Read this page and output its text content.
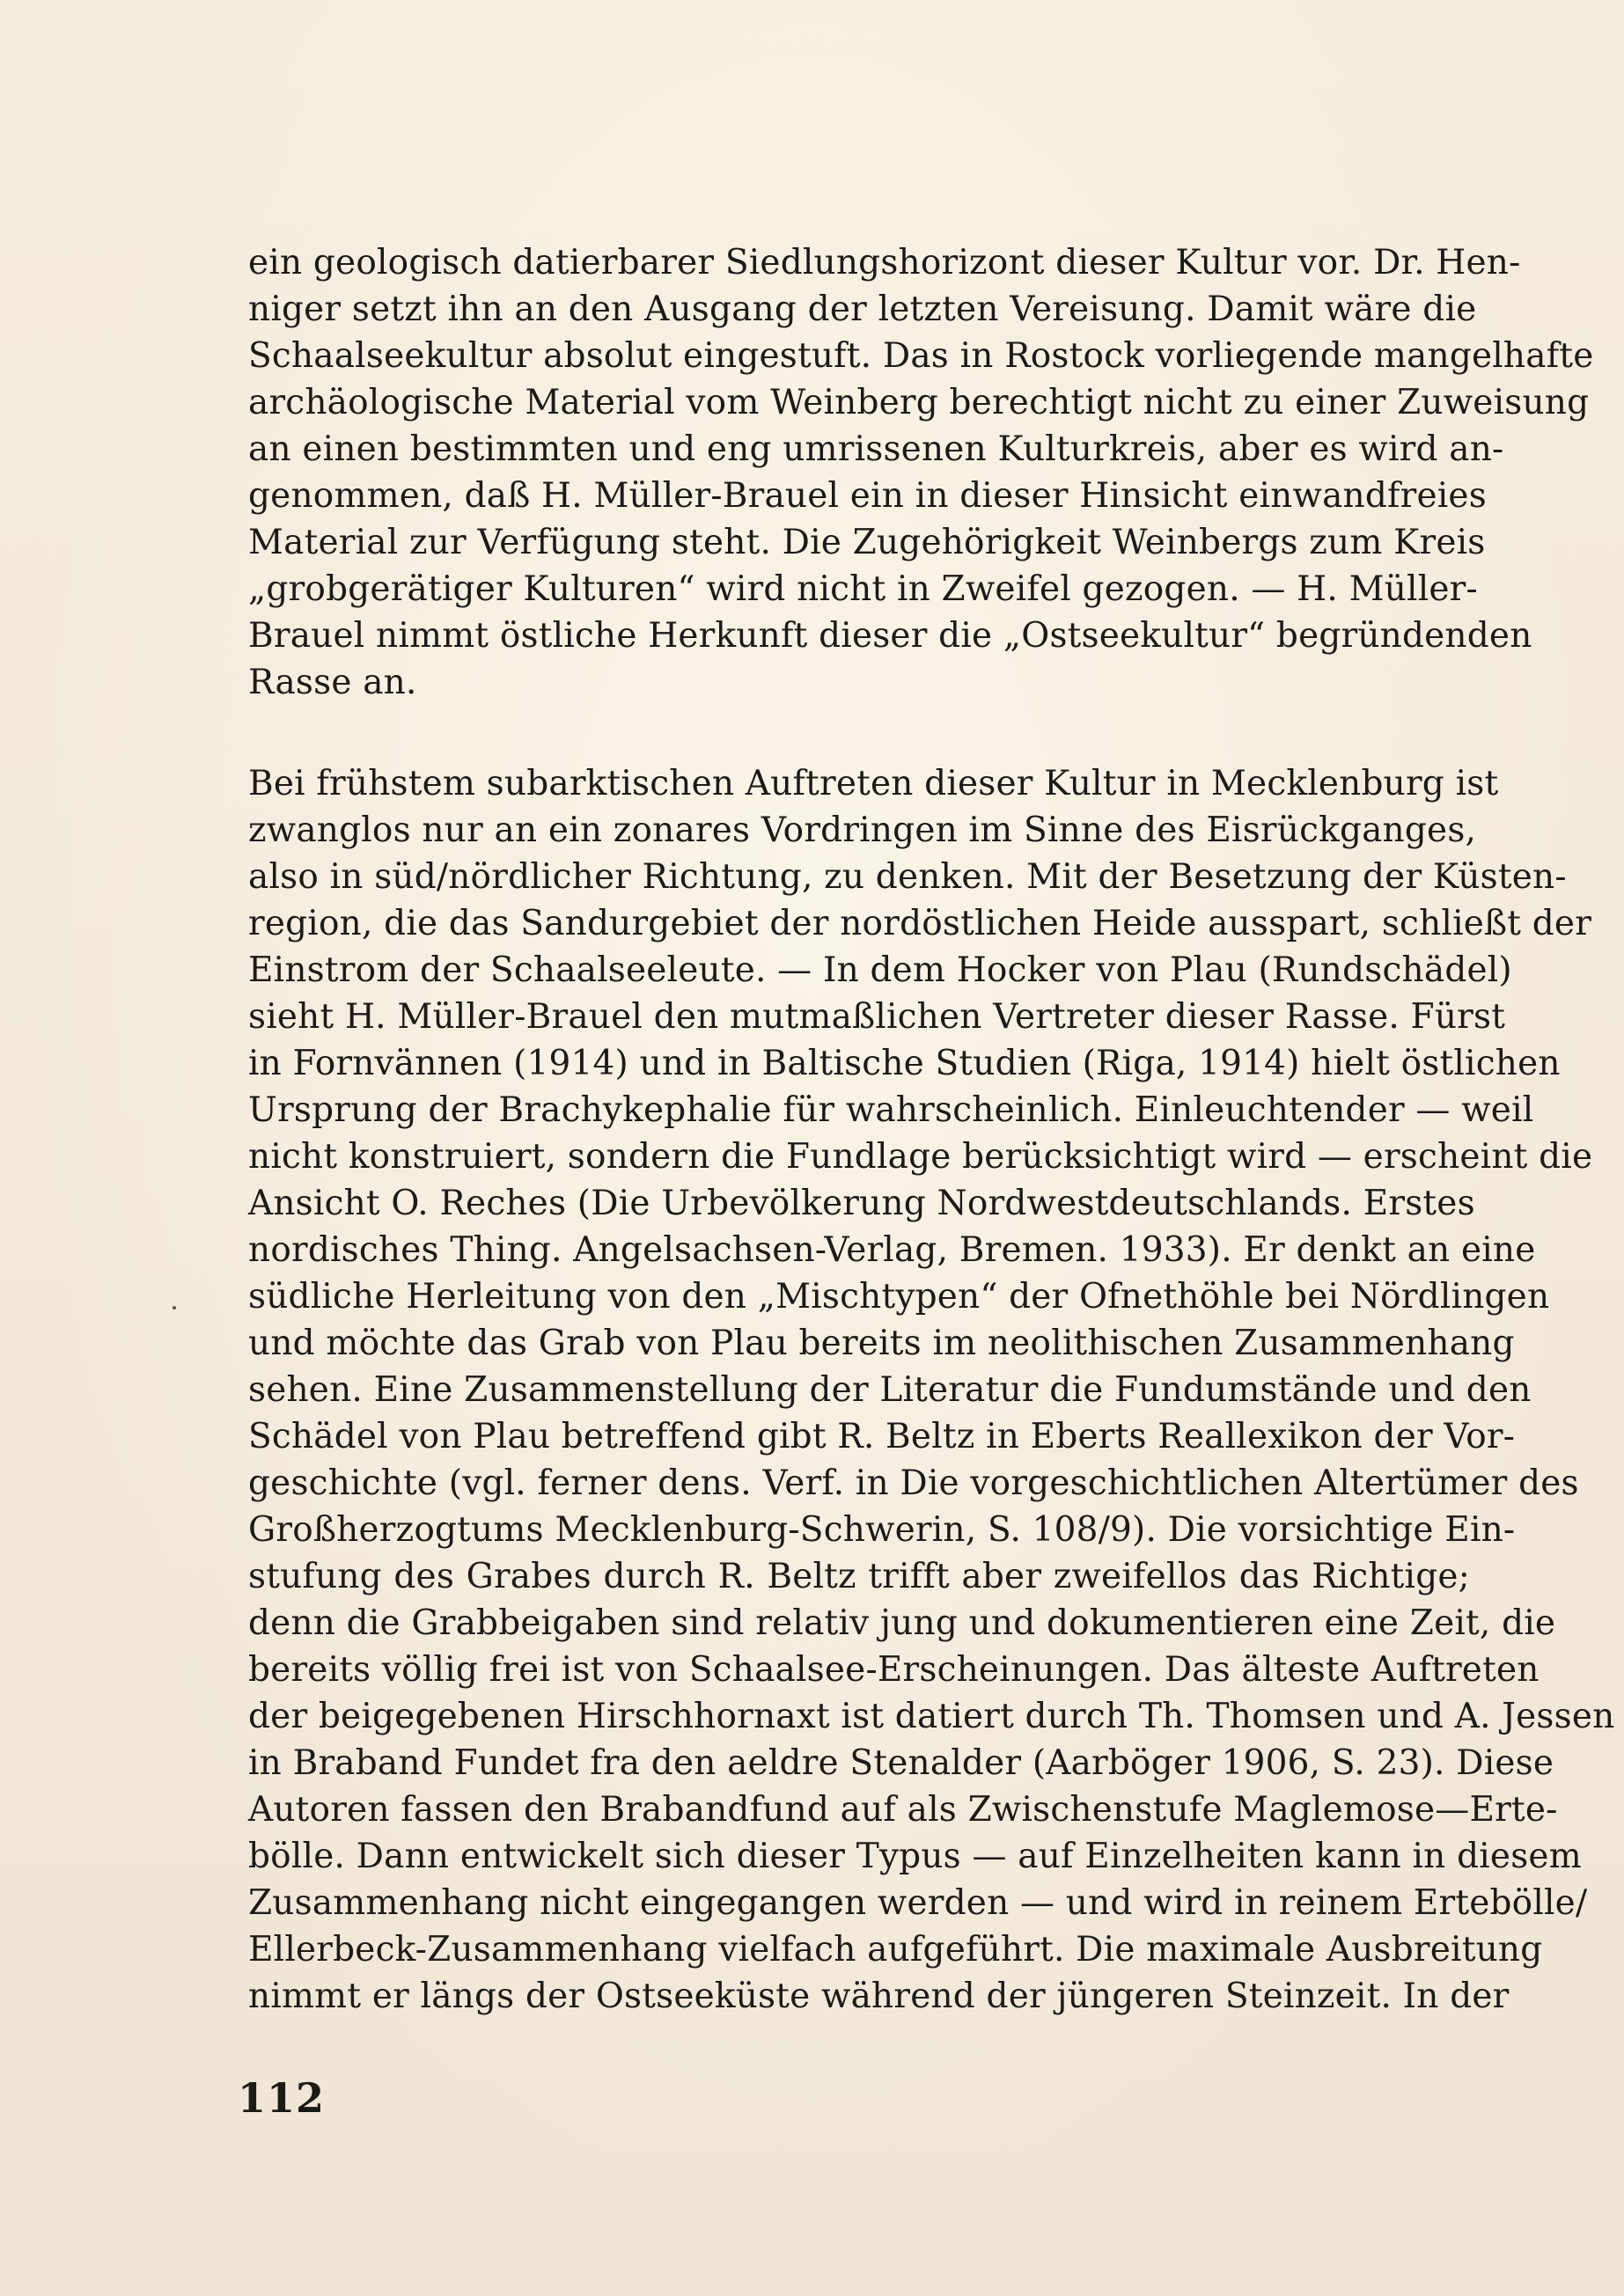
ein geologisch datierbarer Siedlungshorizont dieser Kultur vor. Dr. Hen-
niger setzt ihn an den Ausgang der letzten Vereisung. Damit wäre die
Schaalseekultur absolut eingestuft. Das in Rostock vorliegende mangelhafte
archäologische Material vom Weinberg berechtigt nicht zu einer Zuweisung
an einen bestimmten und eng umrissenen Kulturkreis, aber es wird an-
genommen, daß H. Müller-Brauel ein in dieser Hinsicht einwandfreies
Material zur Verfügung steht. Die Zugehörigkeit Weinbergs zum Kreis
„grobgerätiger Kulturen“ wird nicht in Zweifel gezogen. — H. Müller-
Brauel nimmt östliche Herkunft dieser die „Ostseekultur“ begründenden
Rasse an.
Bei frühstem subarktischen Auftreten dieser Kultur in Mecklenburg ist
zwanglos nur an ein zonares Vordringen im Sinne des Eisrückganges,
also in süd/nördlicher Richtung, zu denken. Mit der Besetzung der Küsten-
region, die das Sandurgebiet der nordöstlichen Heide ausspart, schließt der
Einstrom der Schaalseeleute. — In dem Hocker von Plau (Rundschädel)
sieht H. Müller-Brauel den mutmaßlichen Vertreter dieser Rasse. Fürst
in Fornvännen (1914) und in Baltische Studien (Riga, 1914) hielt östlichen
Ursprung der Brachykephalie für wahrscheinlich. Einleuchtender — weil
nicht konstruiert, sondern die Fundlage berücksichtigt wird — erscheint die
Ansicht O. Reches (Die Urbevölkerung Nordwestdeutschlands. Erstes
nordisches Thing. Angelsachsen-Verlag, Bremen. 1933). Er denkt an eine
südliche Herleitung von den „Mischtypen“ der Ofnethöhle bei Nördlingen
und möchte das Grab von Plau bereits im neolithischen Zusammenhang
sehen. Eine Zusammenstellung der Literatur die Fundumstände und den
Schädel von Plau betreffend gibt R. Beltz in Eberts Reallexikon der Vor-
geschichte (vgl. ferner dens. Verf. in Die vorgeschichtlichen Altertümer des
Großherzogtums Mecklenburg-Schwerin, S. 108/9). Die vorsichtige Ein-
stufung des Grabes durch R. Beltz trifft aber zweifellos das Richtige;
denn die Grabbeigaben sind relativ jung und dokumentieren eine Zeit, die
bereits völlig frei ist von Schaalsee-Erscheinungen. Das älteste Auftreten
der beigegebenen Hirschhornaxt ist datiert durch Th. Thomsen und A. Jessen
in Braband Fundet fra den aeldre Stenalder (Aarböger 1906, S. 23). Diese
Autoren fassen den Brabandfund auf als Zwischenstufe Maglemose—Erte-
bölle. Dann entwickelt sich dieser Typus — auf Einzelheiten kann in diesem
Zusammenhang nicht eingegangen werden — und wird in reinem Ertebölle/
Ellerbeck-Zusammenhang vielfach aufgeführt. Die maximale Ausbreitung
nimmt er längs der Ostseeküste während der jüngeren Steinzeit. In der
112
